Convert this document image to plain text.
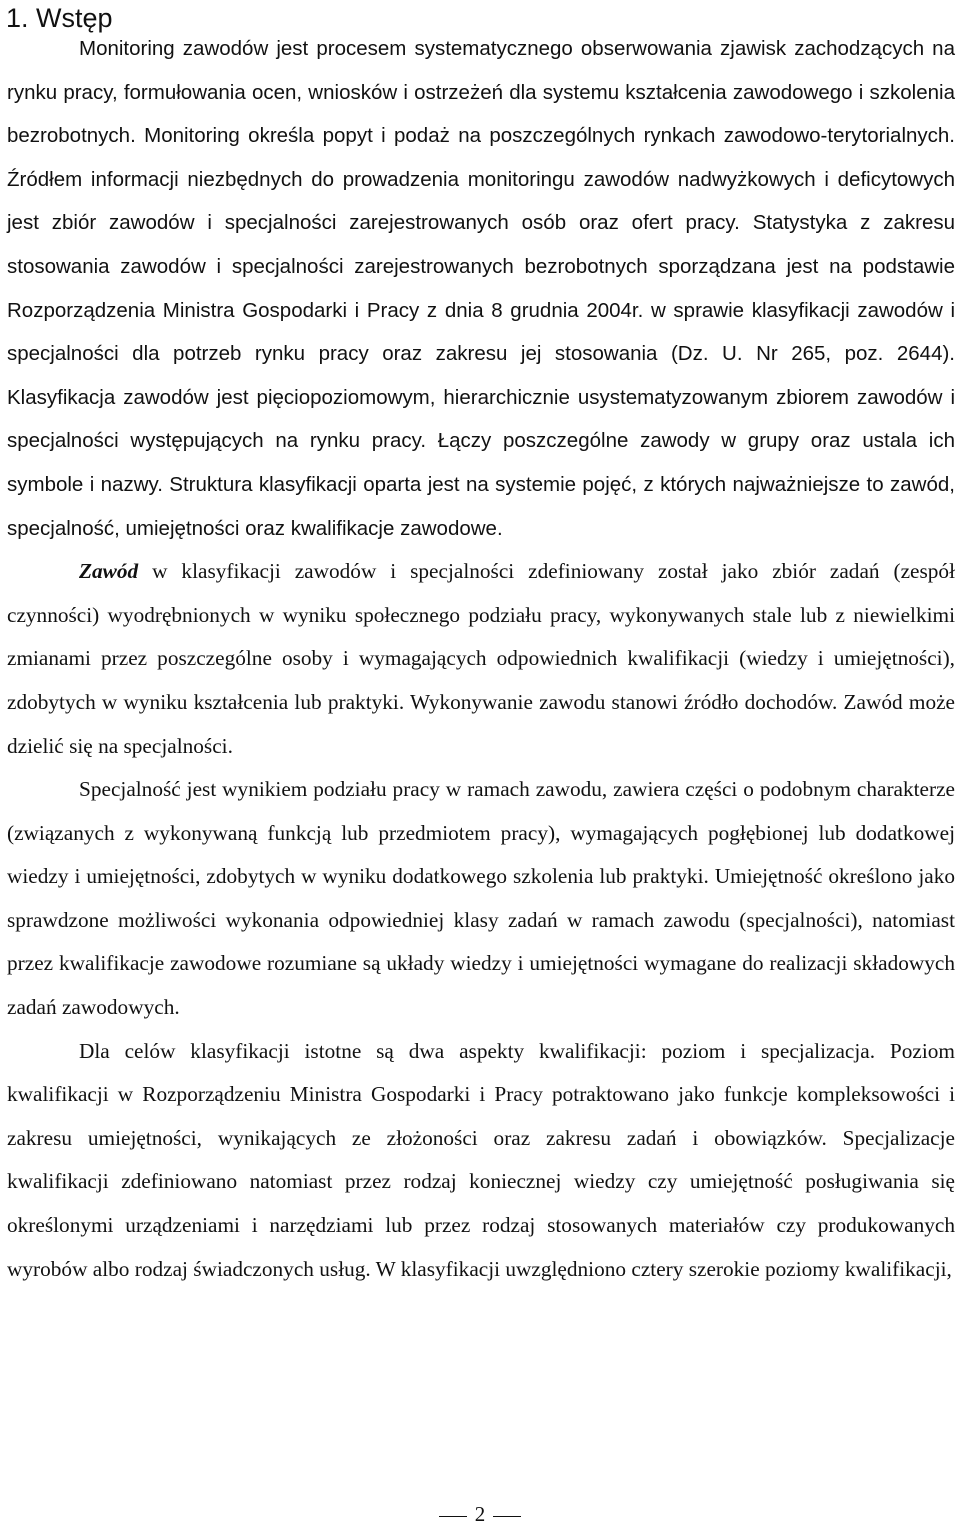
1. Wstęp

Monitoring zawodów jest procesem systematycznego obserwowania zjawisk zachodzących na rynku pracy, formułowania ocen, wniosków i ostrzeżeń dla systemu kształcenia zawodowego i szkolenia bezrobotnych. Monitoring określa popyt i podaż na poszczególnych rynkach zawodowo-terytorialnych. Źródłem informacji niezbędnych do prowadzenia monitoringu zawodów nadwyżkowych i deficytowych jest zbiór zawodów i specjalności zarejestrowanych osób oraz ofert pracy. Statystyka z zakresu stosowania zawodów i specjalności zarejestrowanych bezrobotnych sporządzana jest na podstawie Rozporządzenia Ministra Gospodarki i Pracy z dnia 8 grudnia 2004r. w sprawie klasyfikacji zawodów i specjalności dla potrzeb rynku pracy oraz zakresu jej stosowania (Dz. U. Nr 265, poz. 2644). Klasyfikacja zawodów jest pięciopoziomowym, hierarchicznie usystematyzowanym zbiorem zawodów i specjalności występujących na rynku pracy. Łączy poszczególne zawody w grupy oraz ustala ich symbole i nazwy. Struktura klasyfikacji oparta jest na systemie pojęć, z których najważniejsze to zawód, specjalność, umiejętności oraz kwalifikacje zawodowe.

Zawód w klasyfikacji zawodów i specjalności zdefiniowany został jako zbiór zadań (zespół czynności) wyodrębnionych w wyniku społecznego podziału pracy, wykonywanych stale lub z niewielkimi zmianami przez poszczególne osoby i wymagających odpowiednich kwalifikacji (wiedzy i umiejętności), zdobytych w wyniku kształcenia lub praktyki. Wykonywanie zawodu stanowi źródło dochodów. Zawód może dzielić się na specjalności.

Specjalność jest wynikiem podziału pracy w ramach zawodu, zawiera części o podobnym charakterze (związanych z wykonywaną funkcją lub przedmiotem pracy), wymagających pogłębionej lub dodatkowej wiedzy i umiejętności, zdobytych w wyniku dodatkowego szkolenia lub praktyki. Umiejętność określono jako sprawdzone możliwości wykonania odpowiedniej klasy zadań w ramach zawodu (specjalności), natomiast przez kwalifikacje zawodowe rozumiane są układy wiedzy i umiejętności wymagane do realizacji składowych zadań zawodowych.

Dla celów klasyfikacji istotne są dwa aspekty kwalifikacji: poziom i specjalizacja. Poziom kwalifikacji w Rozporządzeniu Ministra Gospodarki i Pracy potraktowano jako funkcje kompleksowości i zakresu umiejętności, wynikających ze złożoności oraz zakresu zadań i obowiązków. Specjalizacje kwalifikacji zdefiniowano natomiast przez rodzaj koniecznej wiedzy czy umiejętność posługiwania się określonymi urządzeniami i narzędziami lub przez rodzaj stosowanych materiałów czy produkowanych wyrobów albo rodzaj świadczonych usług. W klasyfikacji uwzględniono cztery szerokie poziomy kwalifikacji,

2
